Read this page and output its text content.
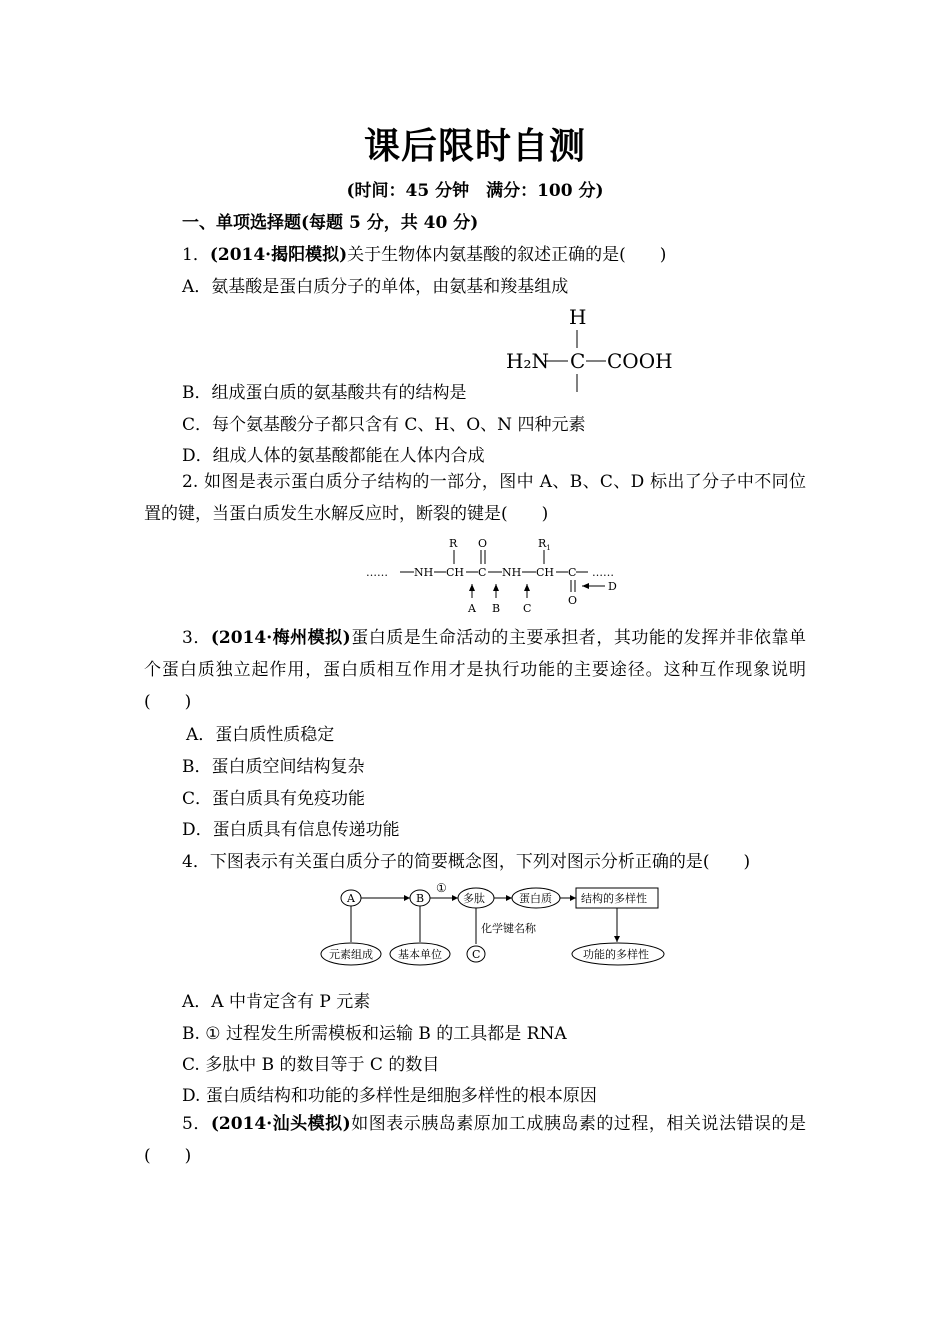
课后限时自测
(时间：45 分钟　满分：100 分)
一、单项选择题(每题 5 分，共 40 分)
1．(2014·揭阳模拟)关于生物体内氨基酸的叙述正确的是(　　)
A．氨基酸是蛋白质分子的单体，由氨基和羧基组成
H
H₂N C COOH
B．组成蛋白质的氨基酸共有的结构是
C．每个氨基酸分子都只含有 C、H、O、N 四种元素
D．组成人体的氨基酸都能在人体内合成
2. 如图是表示蛋白质分子结构的一部分，图中 A、B、C、D 标出了分子中不同位置的键，当蛋白质发生水解反应时，断裂的键是(　　)
…… NH CH
R
C
O
NH CH
$R_1$
C ……
O
D
A B C
3．(2014·梅州模拟)蛋白质是生命活动的主要承担者，其功能的发挥并非依靠单个蛋白质独立起作用，蛋白质相互作用才是执行功能的主要途径。这种互作现象说明(　　)
A．蛋白质性质稳定
B．蛋白质空间结构复杂
C．蛋白质具有免疫功能
D．蛋白质具有信息传递功能
4．下图表示有关蛋白质分子的简要概念图，下列对图示分析正确的是(　　)
A	B
①
多肽	蛋白质	结构的多样性
功能的多样性
元素组成 基本单位
化学键名称
C
A．A 中肯定含有 P 元素
B. ① 过程发生所需模板和运输 B 的工具都是 RNA
C. 多肽中 B 的数目等于 C 的数目
D. 蛋白质结构和功能的多样性是细胞多样性的根本原因
5．(2014·汕头模拟)如图表示胰岛素原加工成胰岛素的过程，相关说法错误的是(　　)
